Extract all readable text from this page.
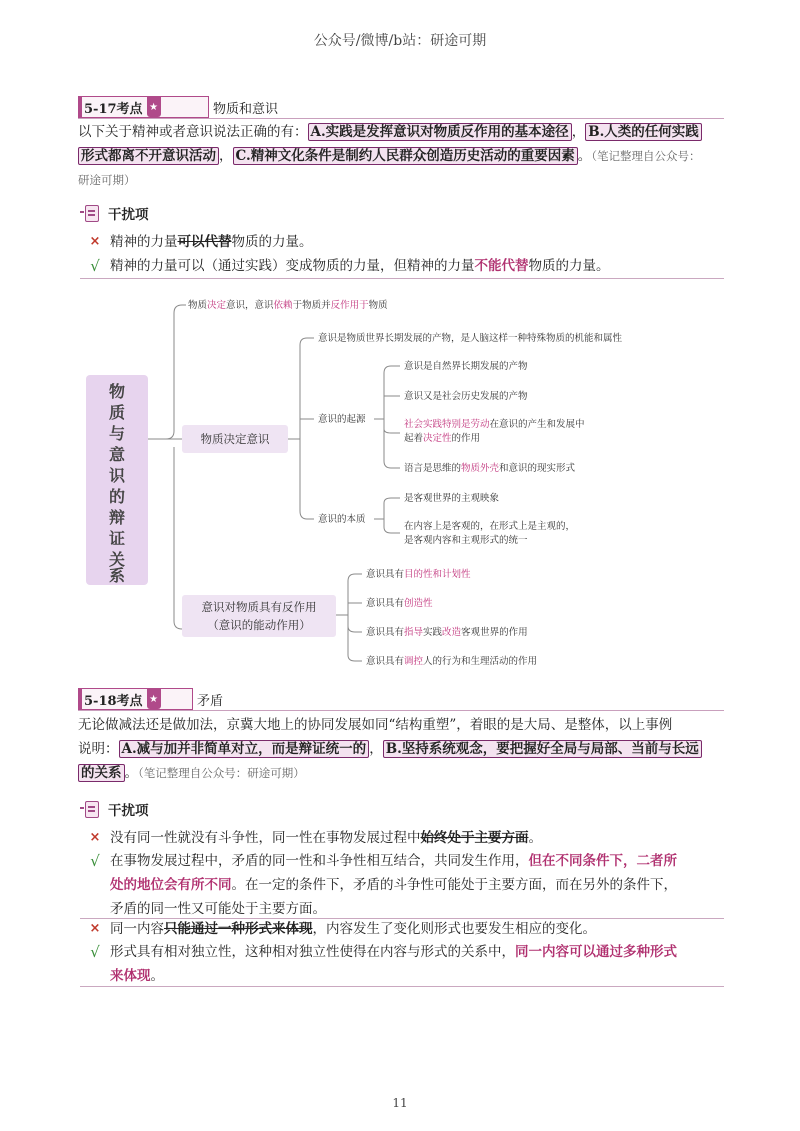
公众号/微博/b站：研途可期
5-17考点 ★	物质和意识
以下关于精神或者意识说法正确的有： A.实践是发挥意识对物质反作用的基本途径 ， B.人类的任何实践
形式都离不开意识活动 ， C.精神文化条件是制约人民群众创造历史活动的重要因素 。（笔记整理自公众号：
研途可期）
干扰项
× 精神的力量可以代替物质的力量。
√ 精神的力量可以（通过实践）变成物质的力量，但精神的力量不能代替物质的力量。
物
质
与
意
识
的
辩
证
关
系
物质决定意识，意识依赖于物质并反作用于物质
物质决定意识
意识是物质世界长期发展的产物，是人脑这样一种特殊物质的机能和属性
意识的起源
意识是自然界长期发展的产物
意识又是社会历史发展的产物
社会实践特别是劳动在意识的产生和发展中
起着决定性的作用
语言是思维的物质外壳和意识的现实形式
意识的本质
是客观世界的主观映象
在内容上是客观的，在形式上是主观的，
是客观内容和主观形式的统一
意识对物质具有反作用
（意识的能动作用）
意识具有目的性和计划性
意识具有创造性
意识具有指导实践改造客观世界的作用
意识具有调控人的行为和生理活动的作用
5-18考点 ★	矛盾
无论做减法还是做加法，京冀大地上的协同发展如同“结构重塑”，着眼的是大局、是整体，以上事例
说明： A.减与加并非简单对立，而是辩证统一的 ， B.坚持系统观念，要把握好全局与局部、当前与长远
的关系 。（笔记整理自公众号：研途可期）
干扰项
× 没有同一性就没有斗争性，同一性在事物发展过程中始终处于主要方面。
√ 在事物发展过程中，矛盾的同一性和斗争性相互结合，共同发生作用，但在不同条件下，二者所
处的地位会有所不同。在一定的条件下，矛盾的斗争性可能处于主要方面，而在另外的条件下，
矛盾的同一性又可能处于主要方面。
× 同一内容只能通过一种形式来体现，内容发生了变化则形式也要发生相应的变化。
√ 形式具有相对独立性，这种相对独立性使得在内容与形式的关系中，同一内容可以通过多种形式
来体现。
11
